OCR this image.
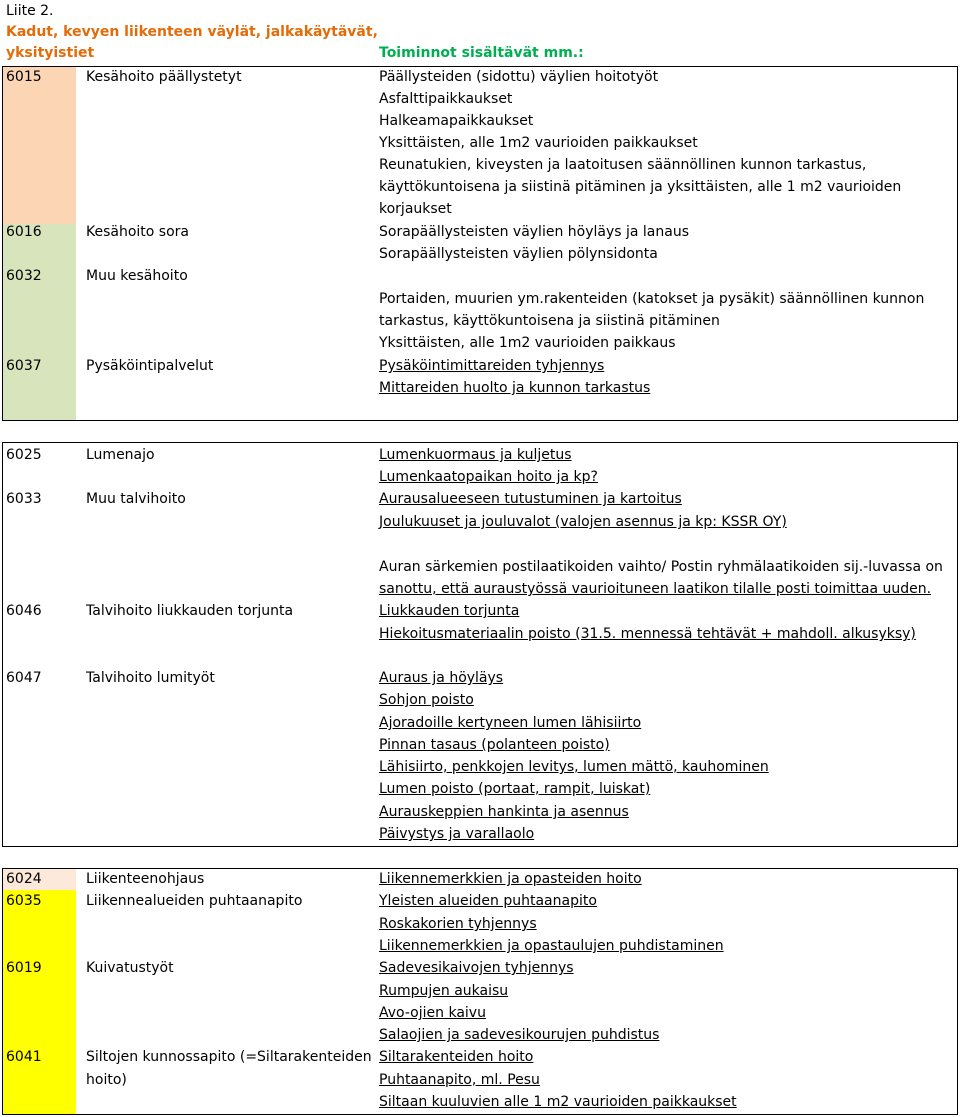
Liite 2.
Kadut, kevyen liikenteen väylät, jalkakäytävät,
yksityistiet	Toiminnot sisältävät mm.:
6015	Kesähoito päällystetyt	Päällysteiden (sidottu) väylien hoitotyöt
Asfalttipaikkaukset
Halkeamapaikkaukset
Yksittäisten, alle 1m2 vaurioiden paikkaukset
Reunatukien, kiveysten ja laatoitusen säännöllinen kunnon tarkastus,
käyttökuntoisena ja siistinä pitäminen ja yksittäisten, alle 1 m2 vaurioiden
korjaukset
6016	Kesähoito sora	Sorapäällysteisten väylien höyläys ja lanaus
Sorapäällysteisten väylien pölynsidonta
6032	Muu kesähoito
Portaiden, muurien ym.rakenteiden (katokset ja pysäkit) säännöllinen kunnon
tarkastus, käyttökuntoisena ja siistinä pitäminen
Yksittäisten, alle 1m2 vaurioiden paikkaus
6037	Pysäköintipalvelut	Pysäköintimittareiden tyhjennys
Mittareiden huolto ja kunnon tarkastus
6025	Lumenajo	Lumenkuormaus ja kuljetus
Lumenkaatopaikan hoito ja kp?
6033	Muu talvihoito	Aurausalueeseen tutustuminen ja kartoitus
Joulukuuset ja jouluvalot (valojen asennus ja kp: KSSR OY)
Auran särkemien postilaatikoiden vaihto/ Postin ryhmälaatikoiden sij.-luvassa on
sanottu, että auraustyössä vaurioituneen laatikon tilalle posti toimittaa uuden.
6046	Talvihoito liukkauden torjunta	Liukkauden torjunta
Hiekoitusmateriaalin poisto (31.5. mennessä tehtävät + mahdoll. alkusyksy)
6047	Talvihoito lumityöt	Auraus ja höyläys
Sohjon poisto
Ajoradoille kertyneen lumen lähisiirto
Pinnan tasaus (polanteen poisto)
Lähisiirto, penkkojen levitys, lumen mättö, kauhominen
Lumen poisto (portaat, rampit, luiskat)
Aurauskeppien hankinta ja asennus
Päivystys ja varallaolo
6024	Liikenteenohjaus	Liikennemerkkien ja opasteiden hoito
6035	Liikennealueiden puhtaanapito	Yleisten alueiden puhtaanapito
Roskakorien tyhjennys
Liikennemerkkien ja opastaulujen puhdistaminen
6019	Kuivatustyöt	Sadevesikaivojen tyhjennys
Rumpujen aukaisu
Avo-ojien kaivu
Salaojien ja sadevesikourujen puhdistus
6041	Siltojen kunnossapito (=Siltarakenteiden
hoito)
Siltarakenteiden hoito
Puhtaanapito, ml. Pesu
Siltaan kuuluvien alle 1 m2 vaurioiden paikkaukset
